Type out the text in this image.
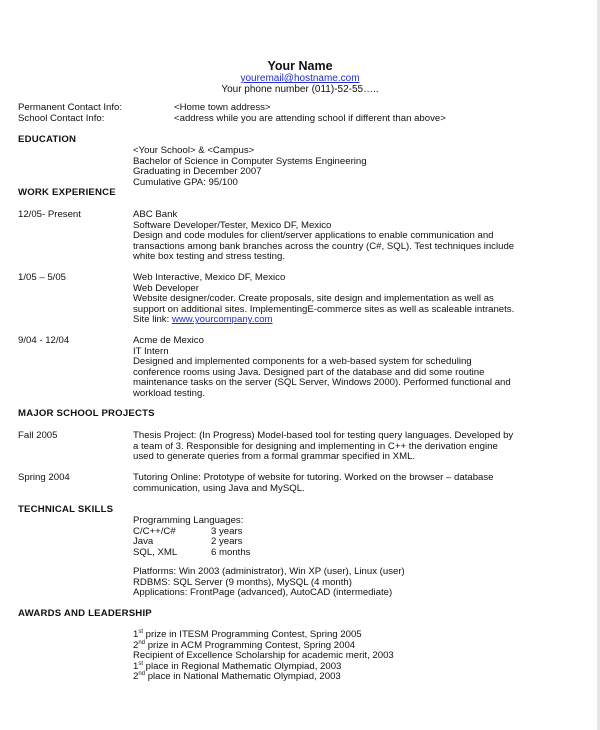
Your Name
youremail@hostname.com
Your phone number (011)-52-55…..
Permanent Contact Info:	<Home town address>
School Contact Info:	<address while you are attending school if different than above>
EDUCATION
<Your School> & <Campus>
Bachelor of Science in Computer Systems Engineering
Graduating in December 2007
Cumulative GPA: 95/100
WORK EXPERIENCE
12/05- Present	ABC Bank
Software Developer/Tester, Mexico DF, Mexico
Design and code modules for client/server applications to enable communication and
transactions among bank branches across the country (C#, SQL). Test techniques include
white box testing and stress testing.
1/05 – 5/05	Web Interactive, Mexico DF, Mexico
Web Developer
Website designer/coder. Create proposals, site design and implementation as well as
support on additional sites. ImplementingE-commerce sites as well as scaleable intranets.
Site link: www.yourcompany.com
9/04 - 12/04	Acme de Mexico
IT Intern
Designed and implemented components for a web-based system for scheduling
conference rooms using Java. Designed part of the database and did some routine
maintenance tasks on the server (SQL Server, Windows 2000). Performed functional and
workload testing.
MAJOR SCHOOL PROJECTS
Fall 2005	Thesis Project: (In Progress) Model-based tool for testing query languages. Developed by
a team of 3. Responsible for designing and implementing in C++ the derivation engine
used to generate queries from a formal grammar specified in XML.
Spring 2004	Tutoring Online: Prototype of website for tutoring. Worked on the browser – database
communication, using Java and MySQL.
TECHNICAL SKILLS
Programming Languages:
C/C++/C#	3 years
Java	2 years
SQL, XML	6 months
Platforms: Win 2003 (administrator), Win XP (user), Linux (user)
RDBMS: SQL Server (9 months), MySQL (4 month)
Applications: FrontPage (advanced), AutoCAD (intermediate)
AWARDS AND LEADERSHIP
1st prize in ITESM Programming Contest, Spring 2005
2nd prize in ACM Programming Contest, Spring 2004
Recipient of Excellence Scholarship for academic merit, 2003
1st place in Regional Mathematic Olympiad, 2003
2nd place in National Mathematic Olympiad, 2003
